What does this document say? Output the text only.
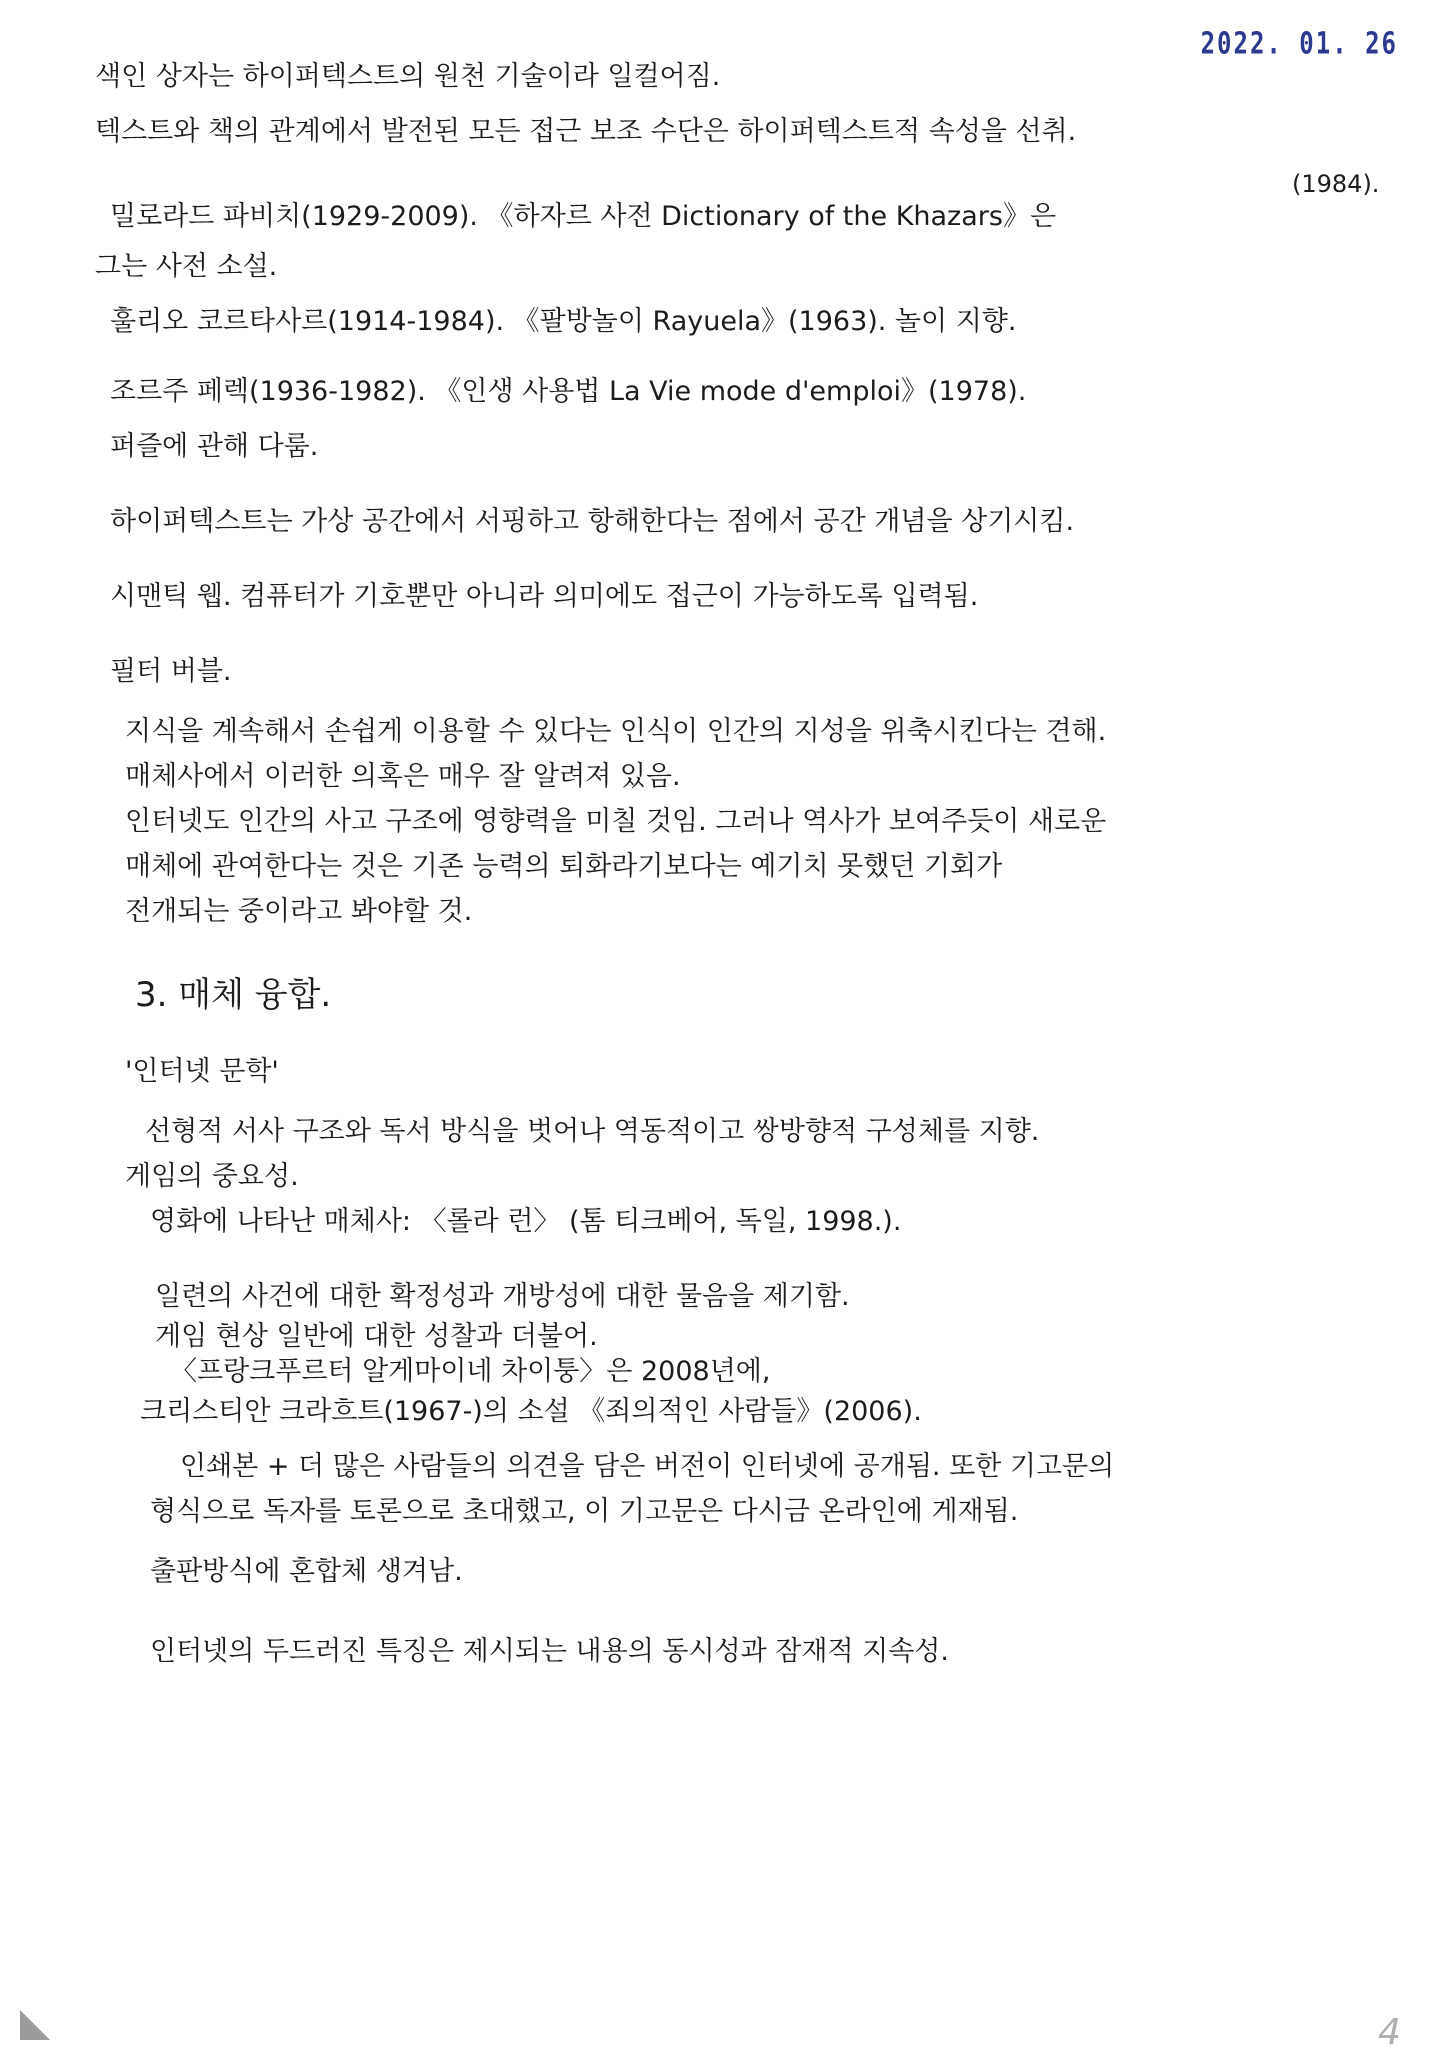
2022. 01. 26
색인 상자는 하이퍼텍스트의 원천 기술이라 일컬어짐.
텍스트와 책의 관계에서 발전된 모든 접근 보조 수단은 하이퍼텍스트적 속성을 선취.
(1984).
밀로라드 파비치(1929-2009). 《하자르 사전 Dictionary of the Khazars》은
그는 사전 소설.
훌리오 코르타사르(1914-1984). 《팔방놀이 Rayuela》(1963). 놀이 지향.
조르주 페렉(1936-1982). 《인생 사용법 La Vie mode d'emploi》(1978).
퍼즐에 관해 다룸.
하이퍼텍스트는 가상 공간에서 서핑하고 항해한다는 점에서 공간 개념을 상기시킴.
시맨틱 웹. 컴퓨터가 기호뿐만 아니라 의미에도 접근이 가능하도록 입력됨.
필터 버블.
지식을 계속해서 손쉽게 이용할 수 있다는 인식이 인간의 지성을 위축시킨다는 견해.
매체사에서 이러한 의혹은 매우 잘 알려져 있음.
인터넷도 인간의 사고 구조에 영향력을 미칠 것임. 그러나 역사가 보여주듯이 새로운
매체에 관여한다는 것은 기존 능력의 퇴화라기보다는 예기치 못했던 기회가
전개되는 중이라고 봐야할 것.
3. 매체 융합.
'인터넷 문학'
선형적 서사 구조와 독서 방식을 벗어나 역동적이고 쌍방향적 구성체를 지향.
게임의 중요성.
영화에 나타난 매체사: 〈롤라 런〉 (톰 티크베어, 독일, 1998.).
일련의 사건에 대한 확정성과 개방성에 대한 물음을 제기함.
게임 현상 일반에 대한 성찰과 더불어.
〈프랑크푸르터 알게마이네 차이퉁〉은 2008년에,
크리스티안 크라흐트(1967-)의 소설 《죄의적인 사람들》(2006).
인쇄본 + 더 많은 사람들의 의견을 담은 버전이 인터넷에 공개됨. 또한 기고문의
형식으로 독자를 토론으로 초대했고, 이 기고문은 다시금 온라인에 게재됨.
출판방식에 혼합체 생겨남.
인터넷의 두드러진 특징은 제시되는 내용의 동시성과 잠재적 지속성.
4
